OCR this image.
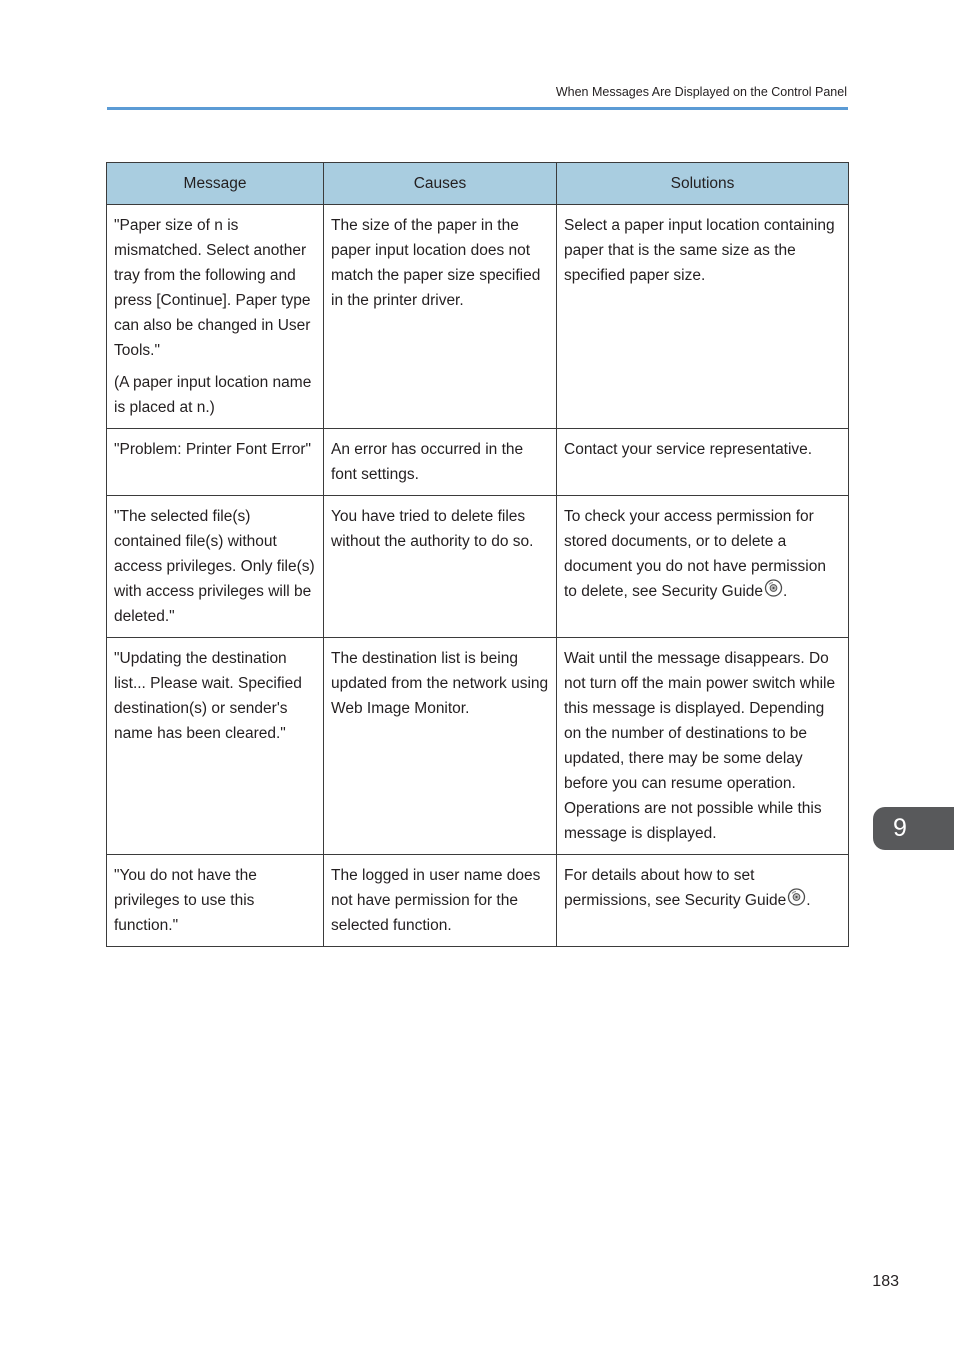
When Messages Are Displayed on the Control Panel
Message	Causes	Solutions

"Paper size of n is mismatched. Select another tray from the following and press [Continue]. Paper type can also be changed in User Tools."

(A paper input location name is placed at n.)	The size of the paper in the paper input location does not match the paper size specified in the printer driver.	Select a paper input location containing paper that is the same size as the specified paper size.
"Problem: Printer Font Error"	An error has occurred in the font settings.	Contact your service representative.
"The selected file(s) contained file(s) without access privileges. Only file(s) with access privileges will be deleted."	You have tried to delete files without the authority to do so.	To check your access permission for stored documents, or to delete a document you do not have permission to delete, see Security Guide .
"Updating the destination list... Please wait. Specified destination(s) or sender's name has been cleared."	The destination list is being updated from the network using Web Image Monitor.	Wait until the message disappears. Do not turn off the main power switch while this message is displayed. Depending on the number of destinations to be updated, there may be some delay before you can resume operation. Operations are not possible while this message is displayed.
"You do not have the privileges to use this function."	The logged in user name does not have permission for the selected function.	For details about how to set permissions, see Security Guide .
9
183
